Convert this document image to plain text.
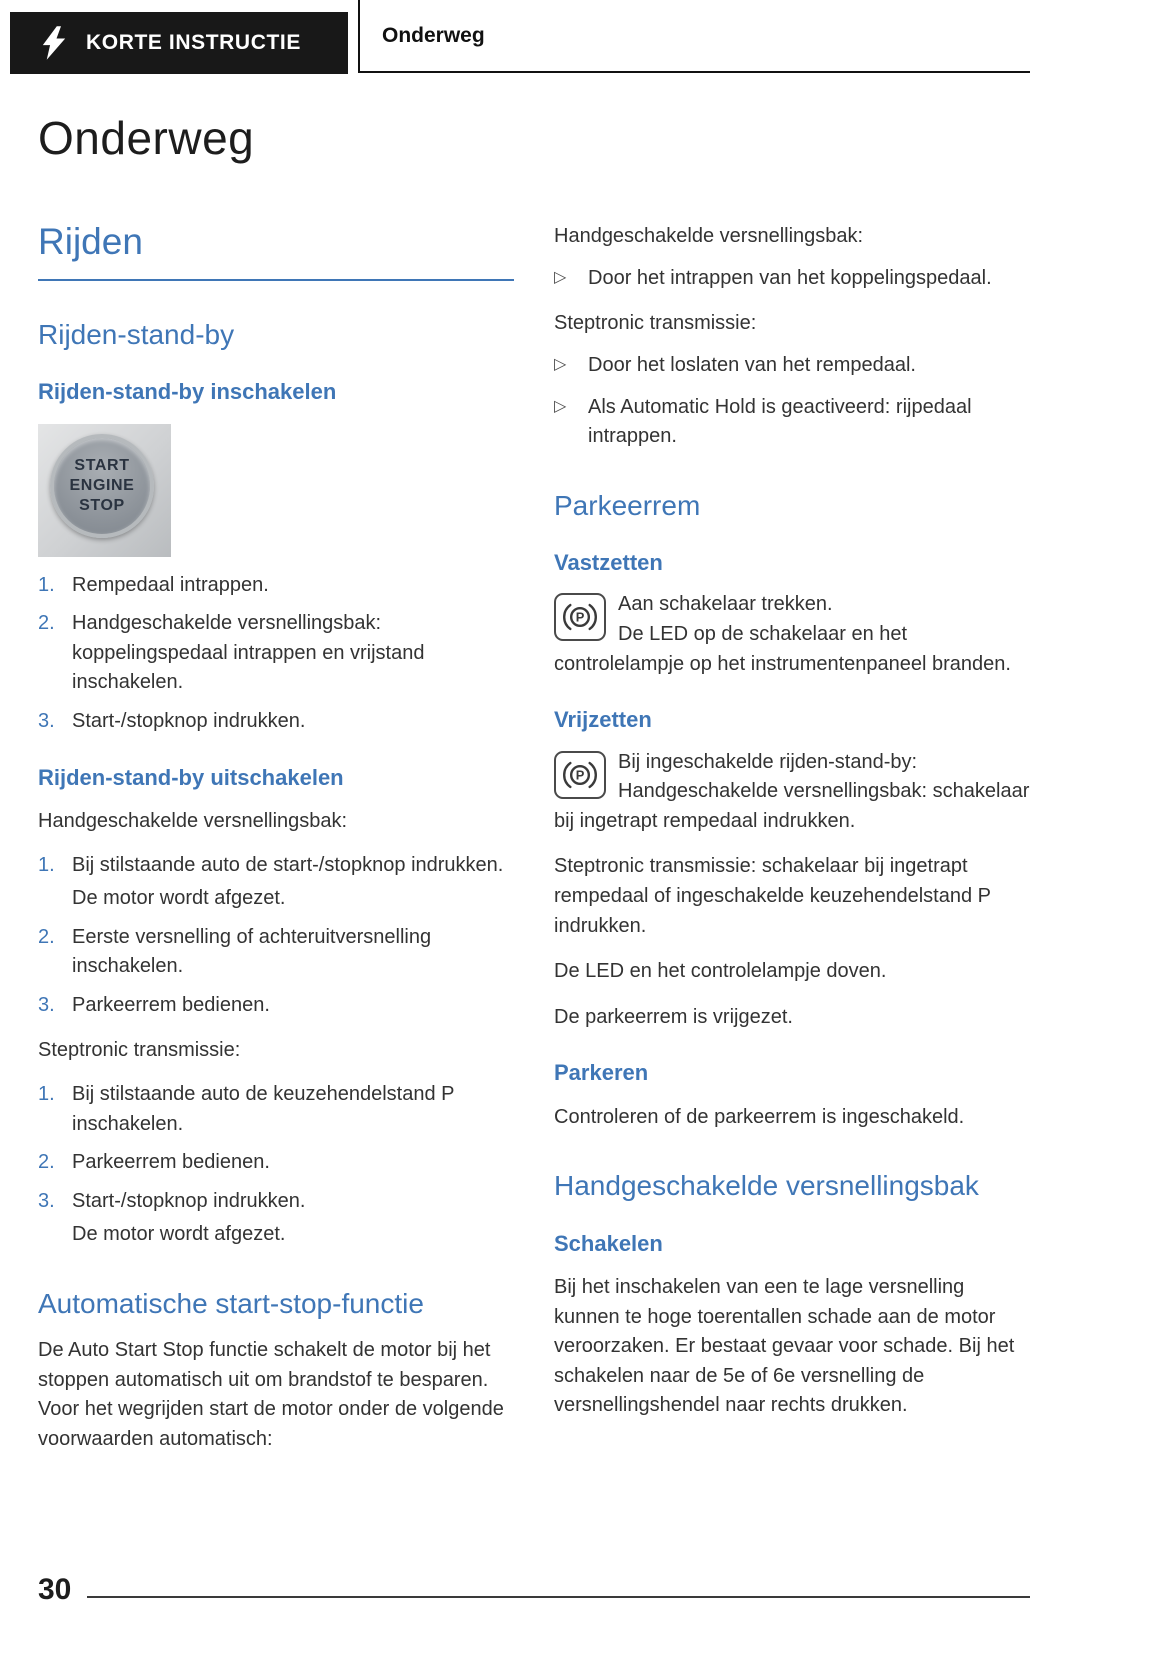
KORTE INSTRUCTIE	Onderweg
Onderweg
Rijden
Rijden-stand-by
Rijden-stand-by inschakelen
START
ENGINE
STOP
1. Rempedaal intrappen.
2. Handgeschakelde versnellingsbak: koppelingspedaal intrappen en vrijstand inschakelen.
3. Start-/stopknop indrukken.
Rijden-stand-by uitschakelen

Handgeschakelde versnellingsbak:

1. Bij stilstaande auto de start-/stopknop indrukken.
De motor wordt afgezet.
2. Eerste versnelling of achteruitversnelling inschakelen.
3. Parkeerrem bedienen.

Steptronic transmissie:

1. Bij stilstaande auto de keuzehendelstand P inschakelen.
2. Parkeerrem bedienen.
3. Start-/stopknop indrukken.
De motor wordt afgezet.
Automatische start-stop-functie

De Auto Start Stop functie schakelt de motor bij het stoppen automatisch uit om brandstof te besparen. Voor het wegrijden start de motor onder de volgende voorwaarden automatisch:

Handgeschakelde versnellingsbak:

▷	Door het intrappen van het koppelingspedaal.

Steptronic transmissie:

▷	Door het loslaten van het rempedaal.
▷	Als Automatic Hold is geactiveerd: rijpedaal intrappen.
Parkeerrem
Vastzetten
P
Aan schakelaar trekken.
De LED op de schakelaar en het controlelampje op het instrumentenpaneel branden.
Vrijzetten
P
Bij ingeschakelde rijden-stand-by:
Handgeschakelde versnellingsbak: schakelaar bij ingetrapt rempedaal indrukken.

Steptronic transmissie: schakelaar bij ingetrapt rempedaal of ingeschakelde keuzehendelstand P indrukken.

De LED en het controlelampje doven.

De parkeerrem is vrijgezet.

Parkeren

Controleren of de parkeerrem is ingeschakeld.

Handgeschakelde versnellingsbak
Schakelen

Bij het inschakelen van een te lage versnelling kunnen te hoge toerentallen schade aan de motor veroorzaken. Er bestaat gevaar voor schade. Bij het schakelen naar de 5e of 6e versnelling de versnellingshendel naar rechts drukken.

30
